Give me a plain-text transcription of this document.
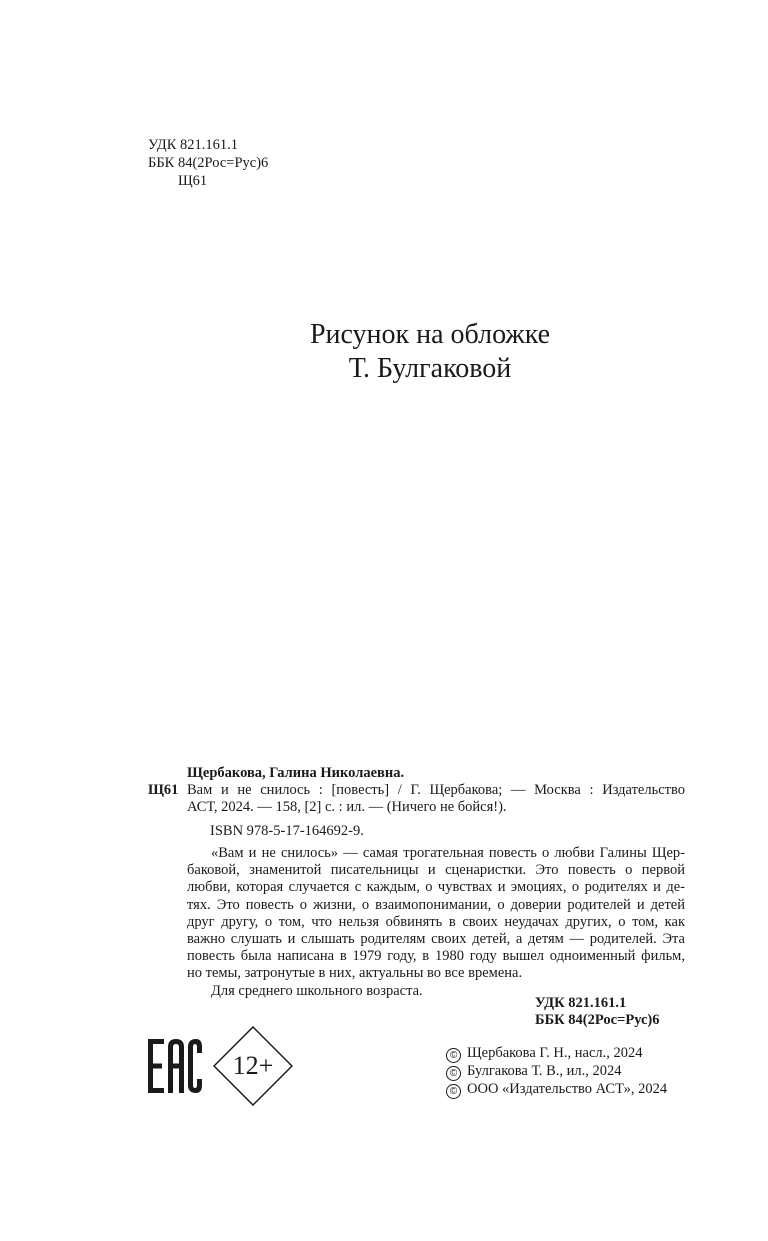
УДК 821.161.1
ББК 84(2Рос=Рус)6
Щ61
Рисунок на обложке
Т. Булгаковой
Щербакова, Галина Николаевна.
Щ61 Вам и не снилось : [повесть] / Г. Щербакова; — Москва : Издательство
АСТ, 2024. — 158, [2] с. : ил. — (Ничего не бойся!).
ISBN 978-5-17-164692-9.
«Вам и не снилось» — самая трогательная повесть о любви Галины Щер-
баковой, знаменитой писательницы и сценаристки. Это повесть о первой
любви, которая случается с каждым, о чувствах и эмоциях, о родителях и де-
тях. Это повесть о жизни, о взаимопонимании, о доверии родителей и детей
друг другу, о том, что нельзя обвинять в своих неудачах других, о том, как
важно слушать и слышать родителям своих детей, а детям — родителей. Эта
повесть была написана в 1979 году, в 1980 году вышел одноименный фильм,
но темы, затронутые в них, актуальны во все времена.
Для среднего школьного возраста.
УДК 821.161.1
ББК 84(2Рос=Рус)6
12+	© Щербакова Г. Н., насл., 2024
© Булгакова Т. В., ил., 2024
© ООО «Издательство АСТ», 2024
